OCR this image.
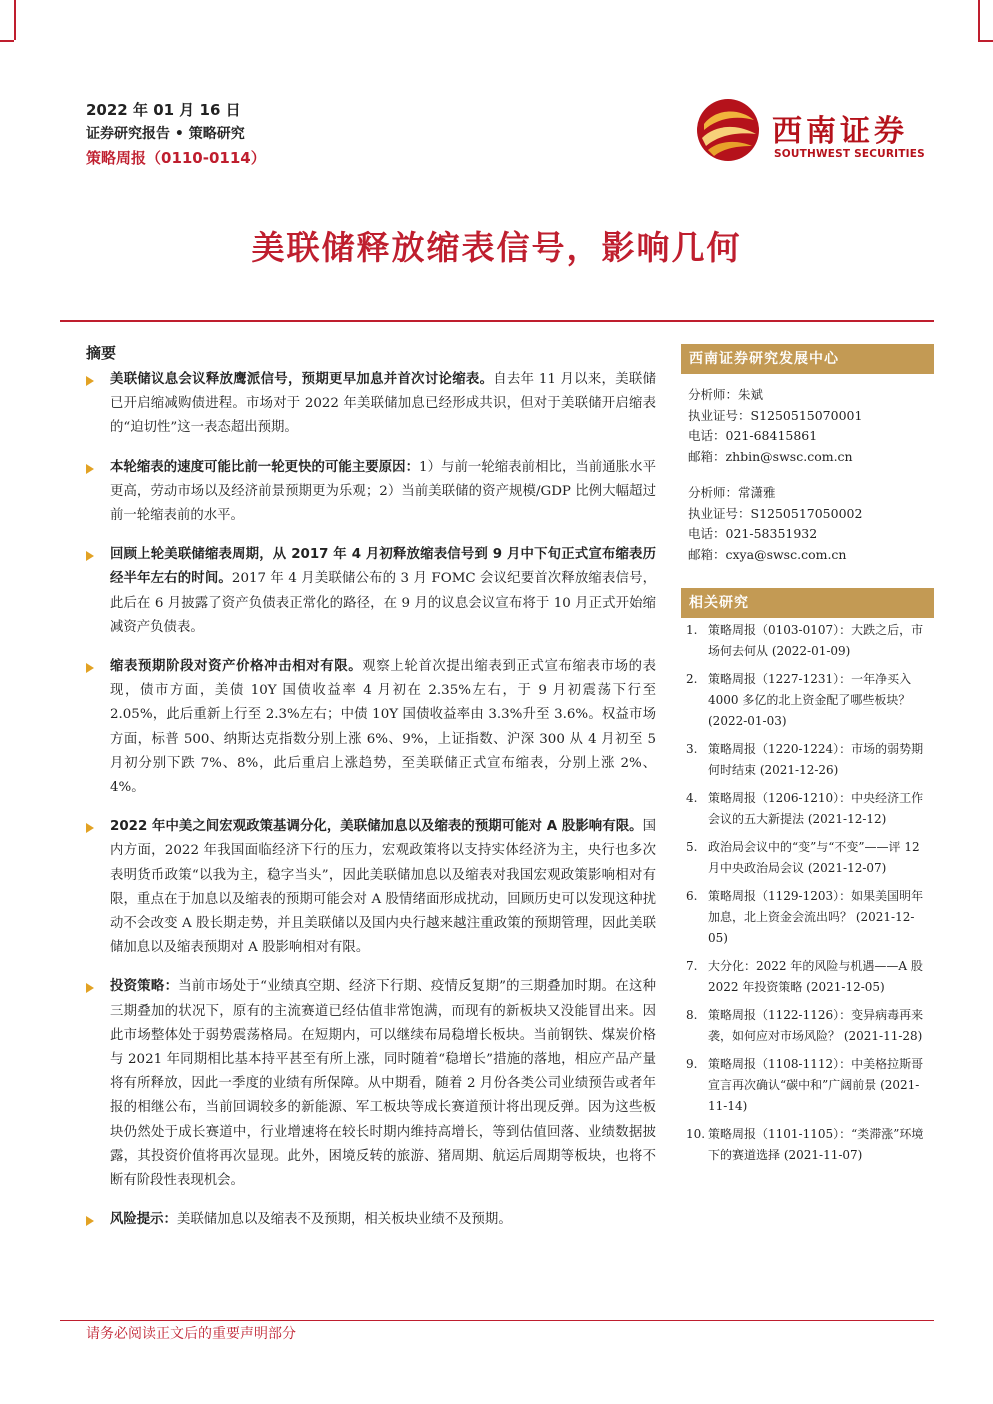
2022 年 01 月 16 日
证券研究报告 • 策略研究
策略周报（0110-0114）
西南证券
SOUTHWEST SECURITIES
美联储释放缩表信号，影响几何
摘要
美联储议息会议释放鹰派信号，预期更早加息并首次讨论缩表。自去年 11 月以来，美联储已开启缩减购债进程。市场对于 2022 年美联储加息已经形成共识，但对于美联储开启缩表的“迫切性”这一表态超出预期。
本轮缩表的速度可能比前一轮更快的可能主要原因：1）与前一轮缩表前相比，当前通胀水平更高，劳动市场以及经济前景预期更为乐观；2）当前美联储的资产规模/GDP 比例大幅超过前一轮缩表前的水平。
回顾上轮美联储缩表周期，从 2017 年 4 月初释放缩表信号到 9 月中下旬正式宣布缩表历经半年左右的时间。2017 年 4 月美联储公布的 3 月 FOMC 会议纪要首次释放缩表信号，此后在 6 月披露了资产负债表正常化的路径，在 9 月的议息会议宣布将于 10 月正式开始缩减资产负债表。
缩表预期阶段对资产价格冲击相对有限。观察上轮首次提出缩表到正式宣布缩表市场的表现，债市方面，美债 10Y 国债收益率 4 月初在 2.35%左右，于 9 月初震荡下行至 2.05%，此后重新上行至 2.3%左右；中债 10Y 国债收益率由 3.3%升至 3.6%。权益市场方面，标普 500、纳斯达克指数分别上涨 6%、9%，上证指数、沪深 300 从 4 月初至 5 月初分别下跌 7%、8%，此后重启上涨趋势，至美联储正式宣布缩表，分别上涨 2%、4%。
2022 年中美之间宏观政策基调分化，美联储加息以及缩表的预期可能对 A 股影响有限。国内方面，2022 年我国面临经济下行的压力，宏观政策将以支持实体经济为主，央行也多次表明货币政策“以我为主，稳字当头”，因此美联储加息以及缩表对我国宏观政策影响相对有限，重点在于加息以及缩表的预期可能会对 A 股情绪面形成扰动，回顾历史可以发现这种扰动不会改变 A 股长期走势，并且美联储以及国内央行越来越注重政策的预期管理，因此美联储加息以及缩表预期对 A 股影响相对有限。
投资策略：当前市场处于“业绩真空期、经济下行期、疫情反复期”的三期叠加时期。在这种三期叠加的状况下，原有的主流赛道已经估值非常饱满，而现有的新板块又没能冒出来。因此市场整体处于弱势震荡格局。在短期内，可以继续布局稳增长板块。当前钢铁、煤炭价格与 2021 年同期相比基本持平甚至有所上涨，同时随着“稳增长”措施的落地，相应产品产量将有所释放，因此一季度的业绩有所保障。从中期看，随着 2 月份各类公司业绩预告或者年报的相继公布，当前回调较多的新能源、军工板块等成长赛道预计将出现反弹。因为这些板块仍然处于成长赛道中，行业增速将在较长时期内维持高增长，等到估值回落、业绩数据披露，其投资价值将再次显现。此外，困境反转的旅游、猪周期、航运后周期等板块，也将不断有阶段性表现机会。
风险提示：美联储加息以及缩表不及预期，相关板块业绩不及预期。
西南证券研究发展中心
分析师：朱斌
执业证号：S1250515070001
电话：021-68415861
邮箱：zhbin@swsc.com.cn
分析师：常潇雅
执业证号：S1250517050002
电话：021-58351932
邮箱：cxya@swsc.com.cn
相关研究
1. 策略周报（0103-0107）：大跌之后，市场何去何从 (2022-01-09)
2. 策略周报（1227-1231）：一年净买入 4000 多亿的北上资金配了哪些板块？ (2022-01-03)
3. 策略周报（1220-1224）：市场的弱势期何时结束 (2021-12-26)
4. 策略周报（1206-1210）：中央经济工作会议的五大新提法 (2021-12-12)
5. 政治局会议中的“变”与“不变”——评 12 月中央政治局会议 (2021-12-07)
6. 策略周报（1129-1203）：如果美国明年加息，北上资金会流出吗？ (2021-12-05)
7. 大分化：2022 年的风险与机遇——A 股 2022 年投资策略 (2021-12-05)
8. 策略周报（1122-1126）：变异病毒再来袭，如何应对市场风险？ (2021-11-28)
9. 策略周报（1108-1112）：中美格拉斯哥宣言再次确认“碳中和”广阔前景 (2021-11-14)
10. 策略周报（1101-1105）：“类滞涨”环境下的赛道选择 (2021-11-07)
请务必阅读正文后的重要声明部分
